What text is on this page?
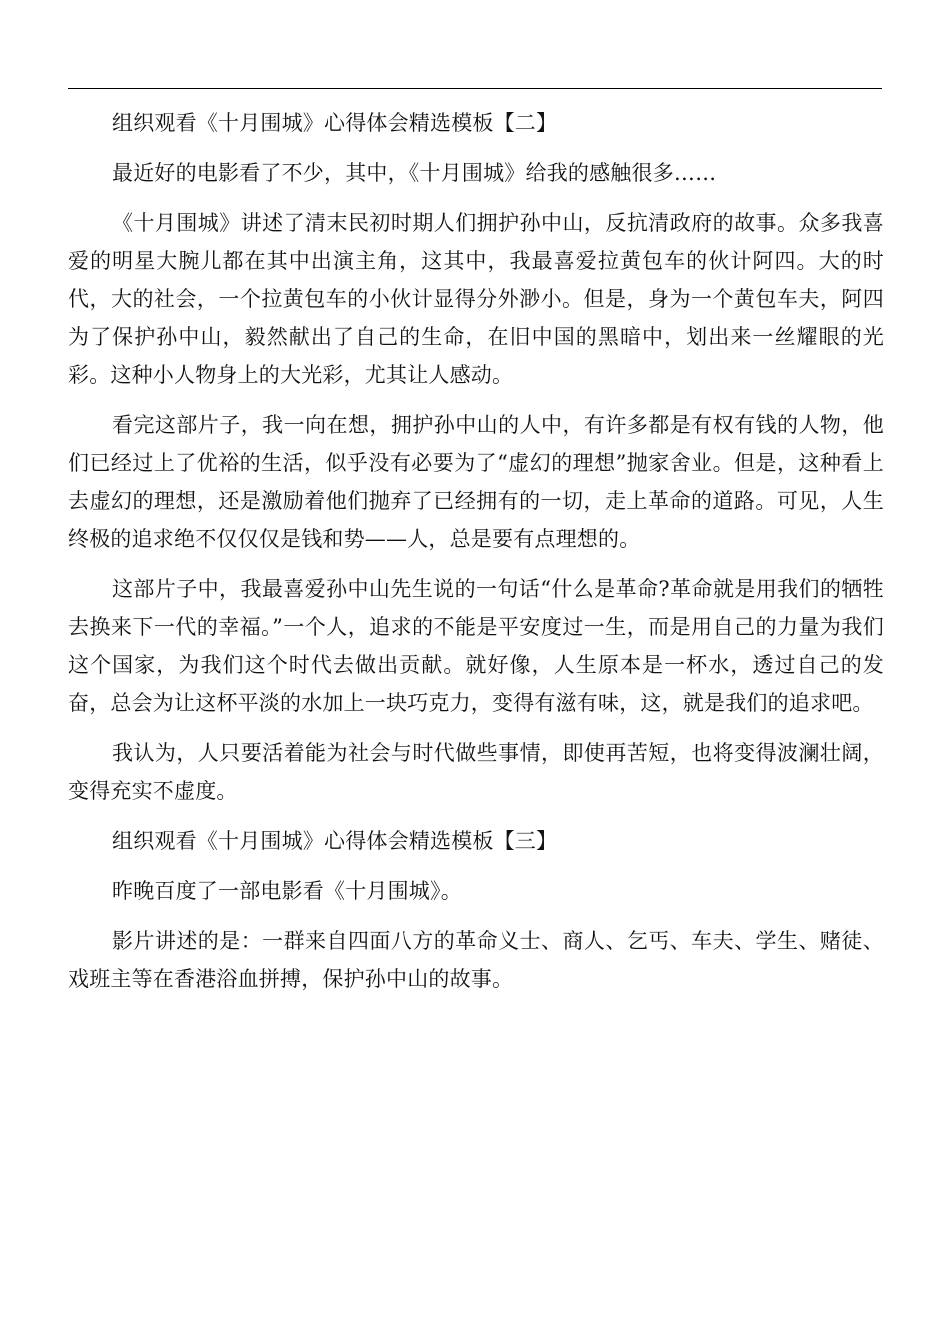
组织观看《十月围城》心得体会精选模板【二】

最近好的电影看了不少，其中，《十月围城》给我的感触很多……

《十月围城》讲述了清末民初时期人们拥护孙中山，反抗清政府的故事。众多我喜爱的明星大腕儿都在其中出演主角，这其中，我最喜爱拉黄包车的伙计阿四。大的时代，大的社会，一个拉黄包车的小伙计显得分外渺小。但是，身为一个黄包车夫，阿四为了保护孙中山，毅然献出了自己的生命，在旧中国的黑暗中，划出来一丝耀眼的光彩。这种小人物身上的大光彩，尤其让人感动。

看完这部片子，我一向在想，拥护孙中山的人中，有许多都是有权有钱的人物，他们已经过上了优裕的生活，似乎没有必要为了“虚幻的理想”抛家舍业。但是，这种看上去虚幻的理想，还是激励着他们抛弃了已经拥有的一切，走上革命的道路。可见，人生终极的追求绝不仅仅仅是钱和势——人，总是要有点理想的。

这部片子中，我最喜爱孙中山先生说的一句话“什么是革命?革命就是用我们的牺牲去换来下一代的幸福。”一个人，追求的不能是平安度过一生，而是用自己的力量为我们这个国家，为我们这个时代去做出贡献。就好像，人生原本是一杯水，透过自己的发奋，总会为让这杯平淡的水加上一块巧克力，变得有滋有味，这，就是我们的追求吧。

我认为，人只要活着能为社会与时代做些事情，即使再苦短，也将变得波澜壮阔，变得充实不虚度。

组织观看《十月围城》心得体会精选模板【三】

昨晚百度了一部电影看《十月围城》。

影片讲述的是：一群来自四面八方的革命义士、商人、乞丐、车夫、学生、赌徒、戏班主等在香港浴血拼搏，保护孙中山的故事。
